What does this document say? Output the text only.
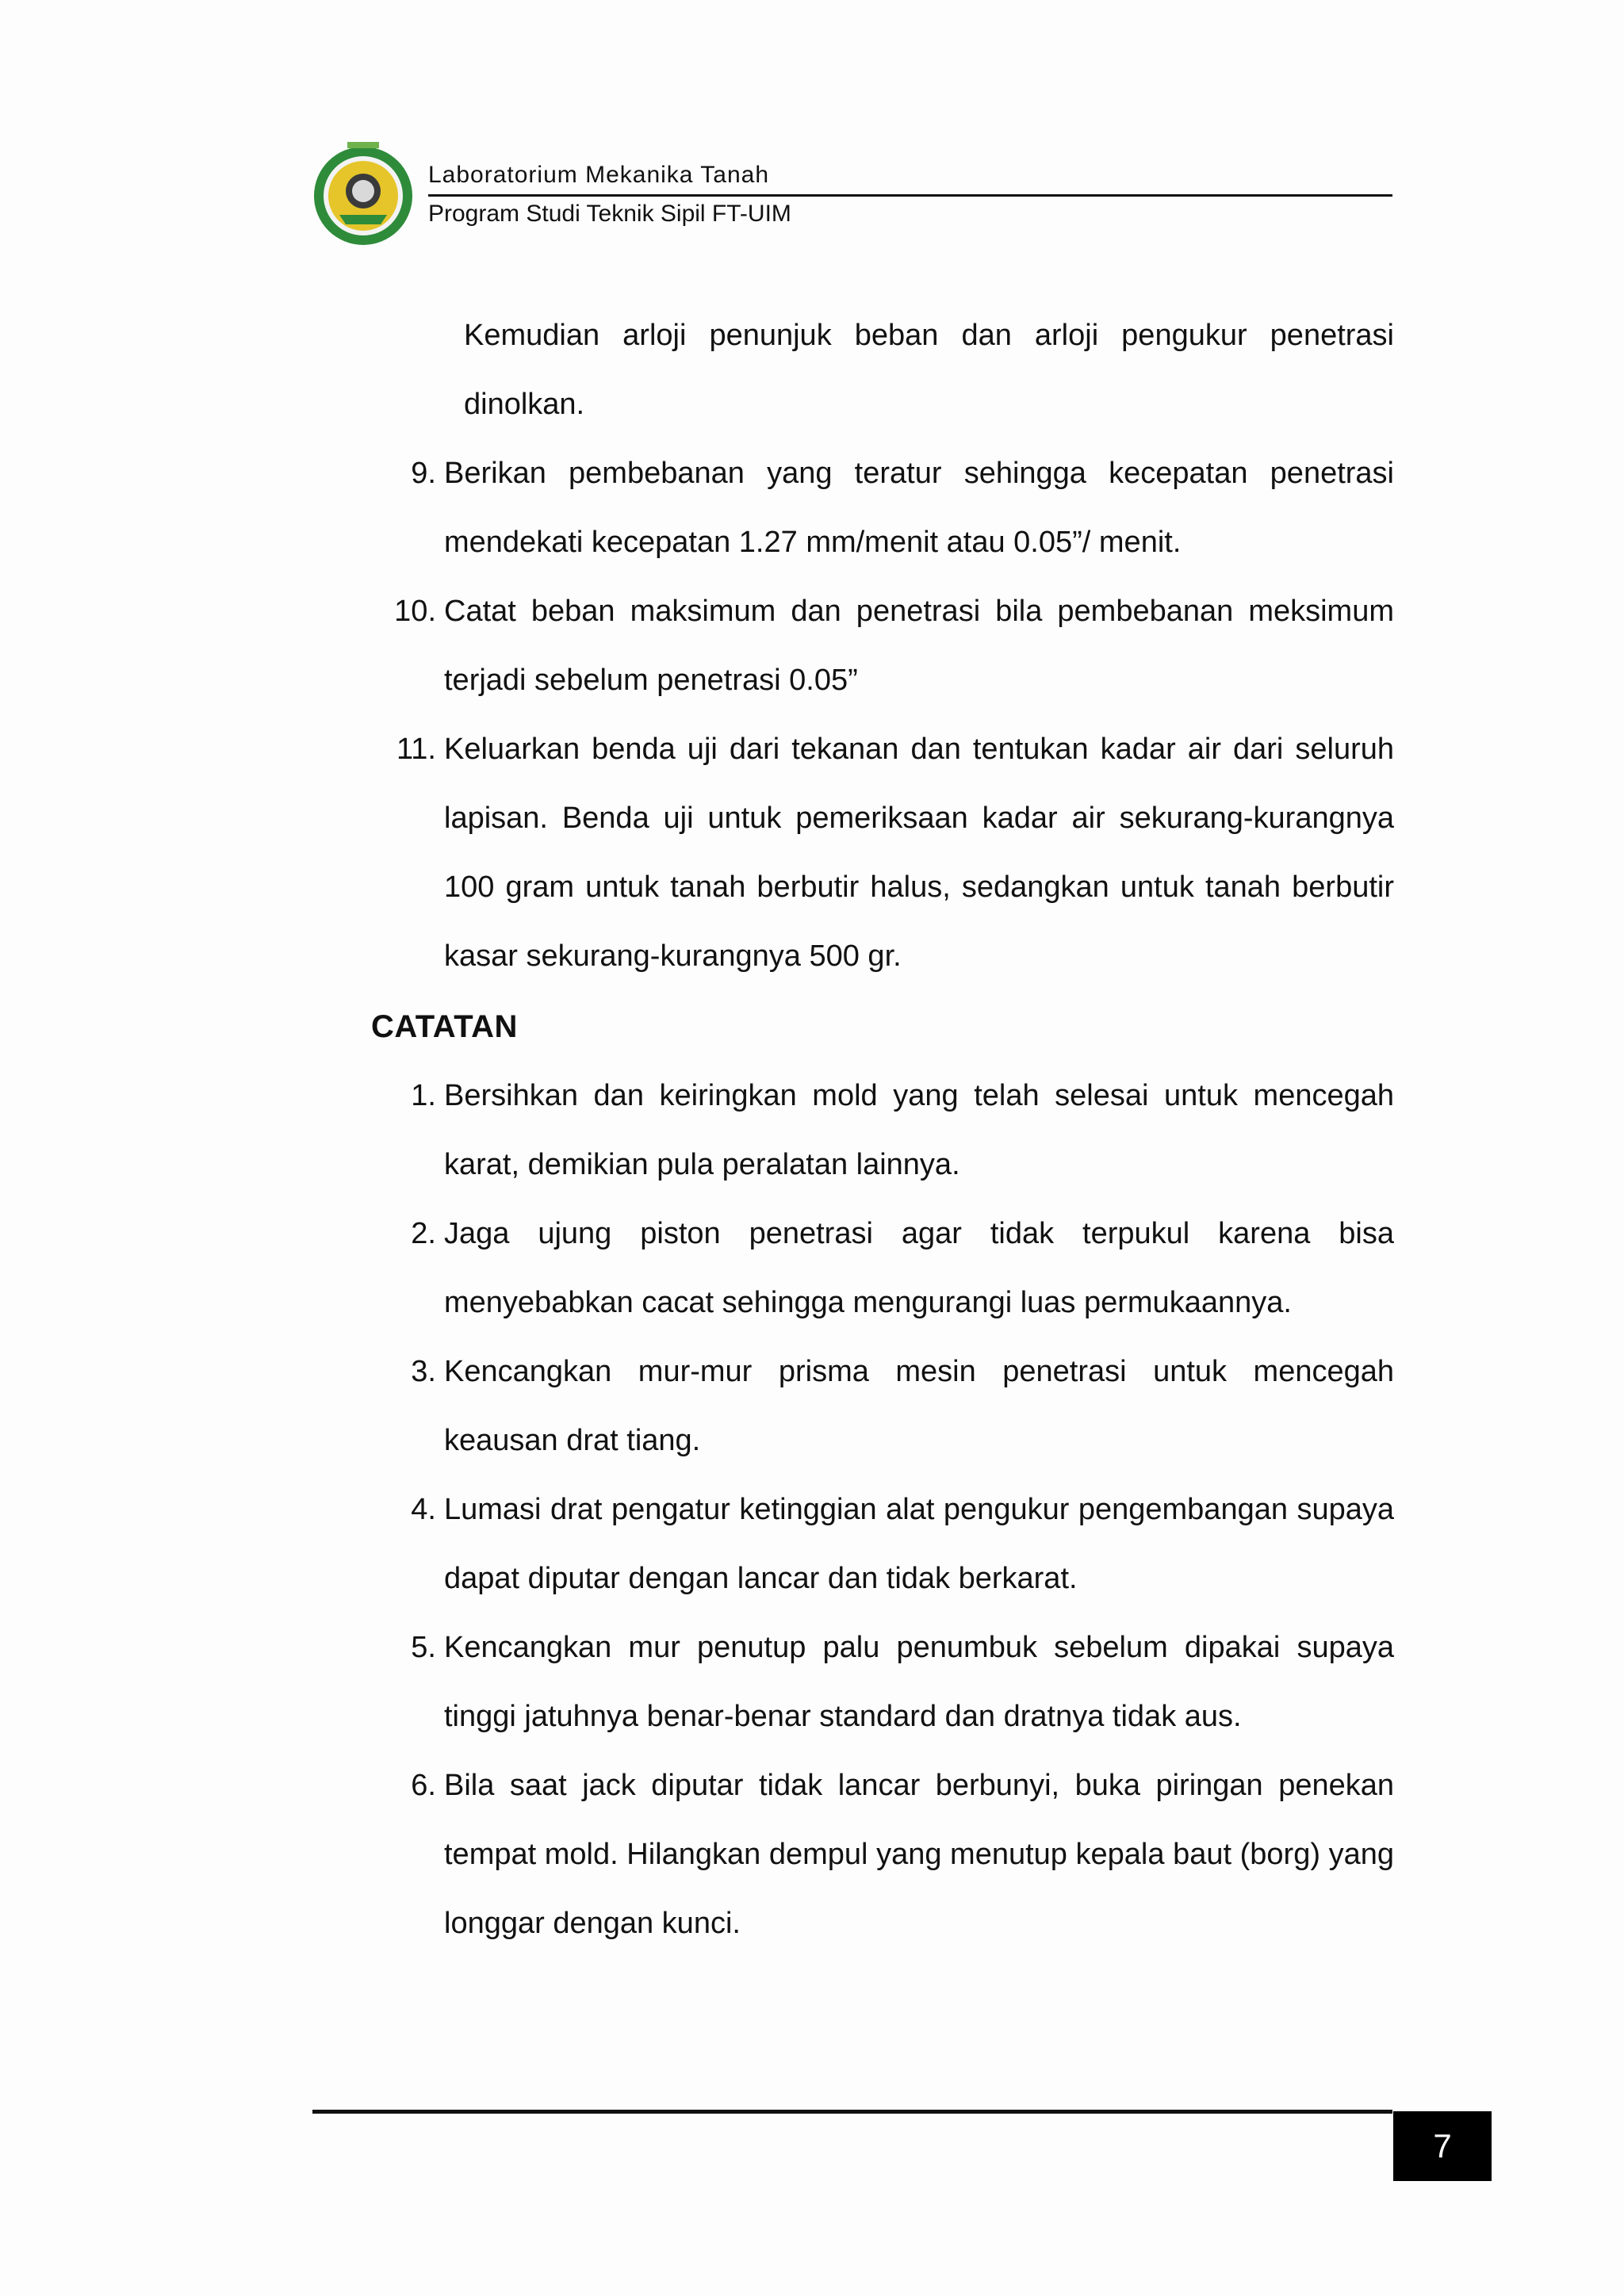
Laboratorium Mekanika Tanah
Program Studi Teknik Sipil FT-UIM
Kemudian arloji penunjuk beban dan arloji pengukur penetrasi dinolkan.
9. Berikan pembebanan yang teratur sehingga kecepatan penetrasi mendekati kecepatan 1.27 mm/menit atau 0.05”/ menit.
10. Catat beban maksimum dan penetrasi bila pembebanan meksimum terjadi sebelum penetrasi 0.05”
11. Keluarkan benda uji dari tekanan dan tentukan kadar air dari seluruh lapisan. Benda uji untuk pemeriksaan kadar air sekurang-kurangnya 100 gram untuk tanah berbutir halus, sedangkan untuk tanah berbutir kasar sekurang-kurangnya 500 gr.
CATATAN
1. Bersihkan dan keiringkan mold yang telah selesai untuk mencegah karat, demikian pula peralatan lainnya.
2. Jaga ujung piston penetrasi agar tidak terpukul karena bisa menyebabkan cacat sehingga mengurangi luas permukaannya.
3. Kencangkan mur-mur prisma mesin penetrasi untuk mencegah keausan drat tiang.
4. Lumasi drat pengatur ketinggian alat pengukur pengembangan supaya dapat diputar dengan lancar dan tidak berkarat.
5. Kencangkan mur penutup palu penumbuk sebelum dipakai supaya tinggi jatuhnya benar-benar standard dan dratnya tidak aus.
6. Bila saat jack diputar tidak lancar berbunyi, buka piringan penekan tempat mold. Hilangkan dempul yang menutup kepala baut (borg) yang longgar dengan kunci.
7
